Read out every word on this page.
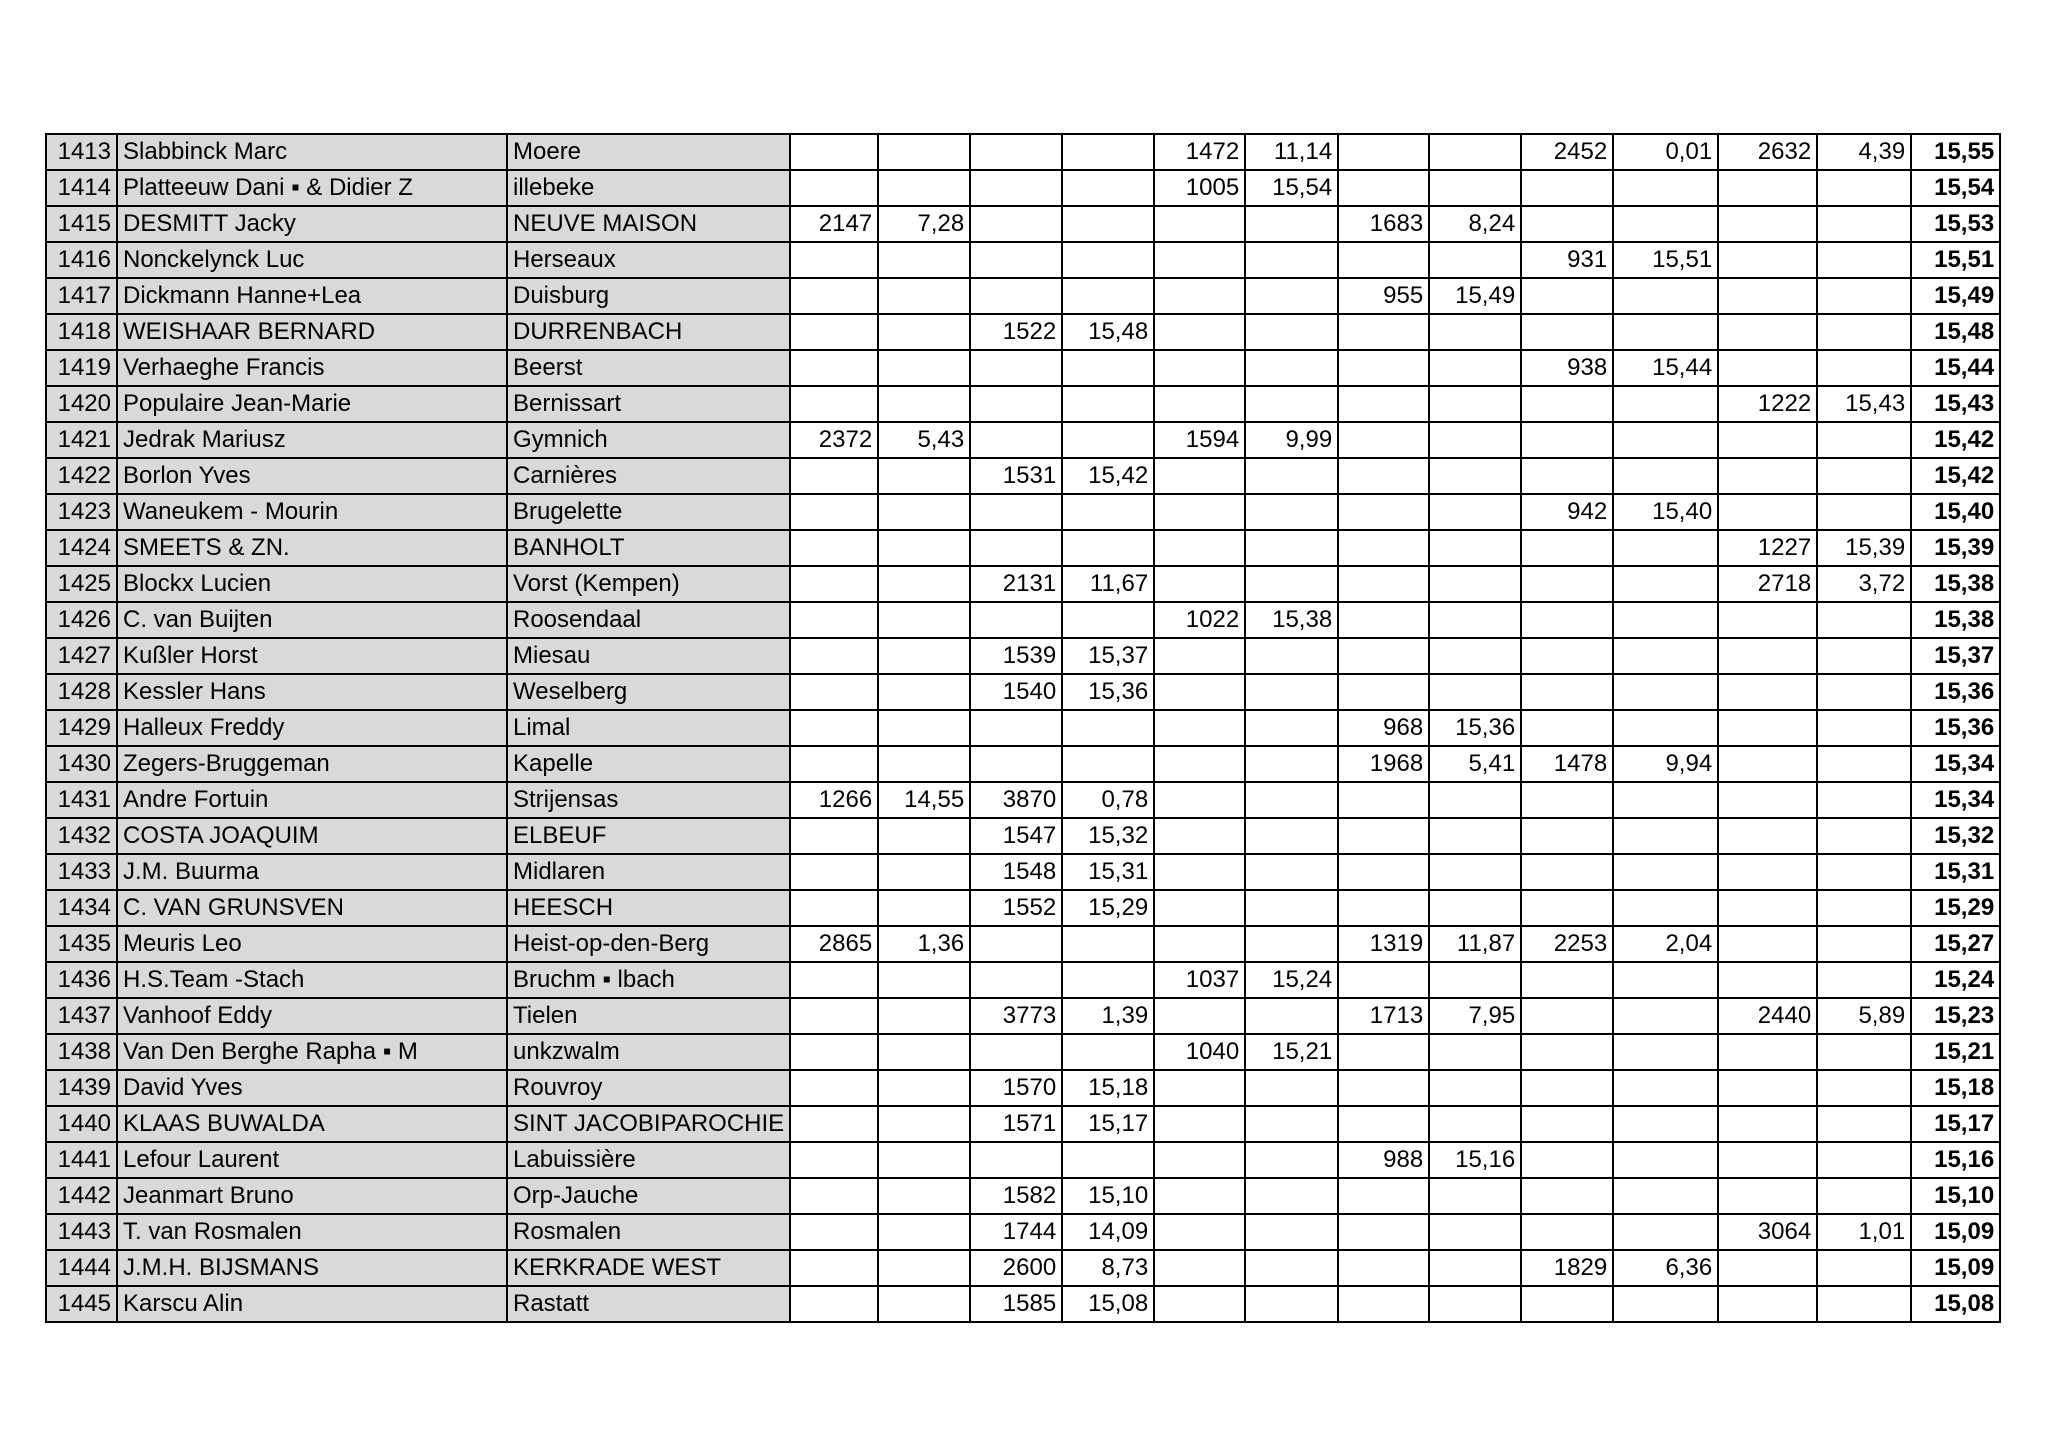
1413	Slabbinck Marc	Moere					1472	11,14			2452	0,01	2632	4,39	15,55
1414	Platteeuw Dani ▪ & Didier Z	illebeke					1005	15,54							15,54
1415	DESMITT Jacky	NEUVE MAISON	2147	7,28					1683	8,24					15,53
1416	Nonckelynck Luc	Herseaux									931	15,51			15,51
1417	Dickmann Hanne+Lea	Duisburg							955	15,49					15,49
1418	WEISHAAR BERNARD	DURRENBACH			1522	15,48									15,48
1419	Verhaeghe Francis	Beerst									938	15,44			15,44
1420	Populaire Jean-Marie	Bernissart											1222	15,43	15,43
1421	Jedrak Mariusz	Gymnich	2372	5,43			1594	9,99							15,42
1422	Borlon Yves	Carnières			1531	15,42									15,42
1423	Waneukem - Mourin	Brugelette									942	15,40			15,40
1424	SMEETS & ZN.	BANHOLT											1227	15,39	15,39
1425	Blockx Lucien	Vorst (Kempen)			2131	11,67							2718	3,72	15,38
1426	C. van Buijten	Roosendaal					1022	15,38							15,38
1427	Kußler Horst	Miesau			1539	15,37									15,37
1428	Kessler Hans	Weselberg			1540	15,36									15,36
1429	Halleux Freddy	Limal							968	15,36					15,36
1430	Zegers-Bruggeman	Kapelle							1968	5,41	1478	9,94			15,34
1431	Andre Fortuin	Strijensas	1266	14,55	3870	0,78									15,34
1432	COSTA JOAQUIM	ELBEUF			1547	15,32									15,32
1433	J.M. Buurma	Midlaren			1548	15,31									15,31
1434	C. VAN GRUNSVEN	HEESCH			1552	15,29									15,29
1435	Meuris Leo	Heist-op-den-Berg	2865	1,36					1319	11,87	2253	2,04			15,27
1436	H.S.Team -Stach	Bruchm ▪ lbach					1037	15,24							15,24
1437	Vanhoof Eddy	Tielen			3773	1,39			1713	7,95			2440	5,89	15,23
1438	Van Den Berghe Rapha ▪ M	unkzwalm					1040	15,21							15,21
1439	David Yves	Rouvroy			1570	15,18									15,18
1440	KLAAS BUWALDA	SINT JACOBIPAROCHIE			1571	15,17									15,17
1441	Lefour Laurent	Labuissière							988	15,16					15,16
1442	Jeanmart Bruno	Orp-Jauche			1582	15,10									15,10
1443	T. van Rosmalen	Rosmalen			1744	14,09							3064	1,01	15,09
1444	J.M.H. BIJSMANS	KERKRADE WEST			2600	8,73					1829	6,36			15,09
1445	Karscu Alin	Rastatt			1585	15,08									15,08
